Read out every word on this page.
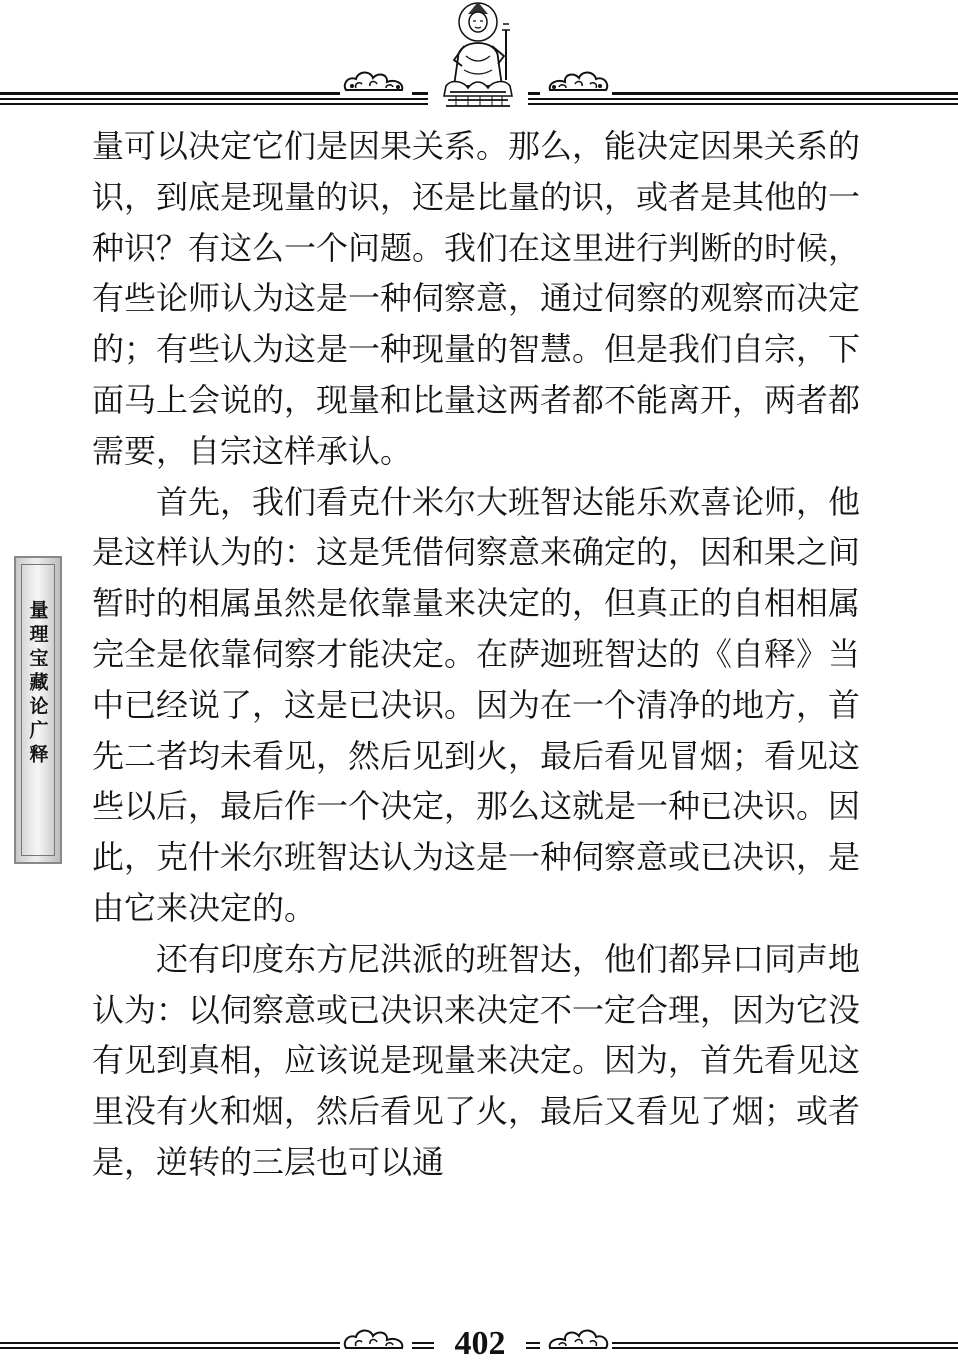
量理宝藏论广释

量可以决定它们是因果关系。那么，能决定因果关系的识，到底是现量的识，还是比量的识，或者是其他的一种识？有这么一个问题。我们在这里进行判断的时候，有些论师认为这是一种伺察意，通过伺察的观察而决定的；有些认为这是一种现量的智慧。但是我们自宗，下面马上会说的，现量和比量这两者都不能离开，两者都需要，自宗这样承认。

首先，我们看克什米尔大班智达能乐欢喜论师，他是这样认为的：这是凭借伺察意来确定的，因和果之间暂时的相属虽然是依靠量来决定的，但真正的自相相属完全是依靠伺察才能决定。在萨迦班智达的《自释》当中已经说了，这是已决识。因为在一个清净的地方，首先二者均未看见，然后见到火，最后看见冒烟；看见这些以后，最后作一个决定，那么这就是一种已决识。因此，克什米尔班智达认为这是一种伺察意或已决识，是由它来决定的。

还有印度东方尼洪派的班智达，他们都异口同声地认为：以伺察意或已决识来决定不一定合理，因为它没有见到真相，应该说是现量来决定。因为，首先看见这里没有火和烟，然后看见了火，最后又看见了烟；或者是，逆转的三层也可以通

402
